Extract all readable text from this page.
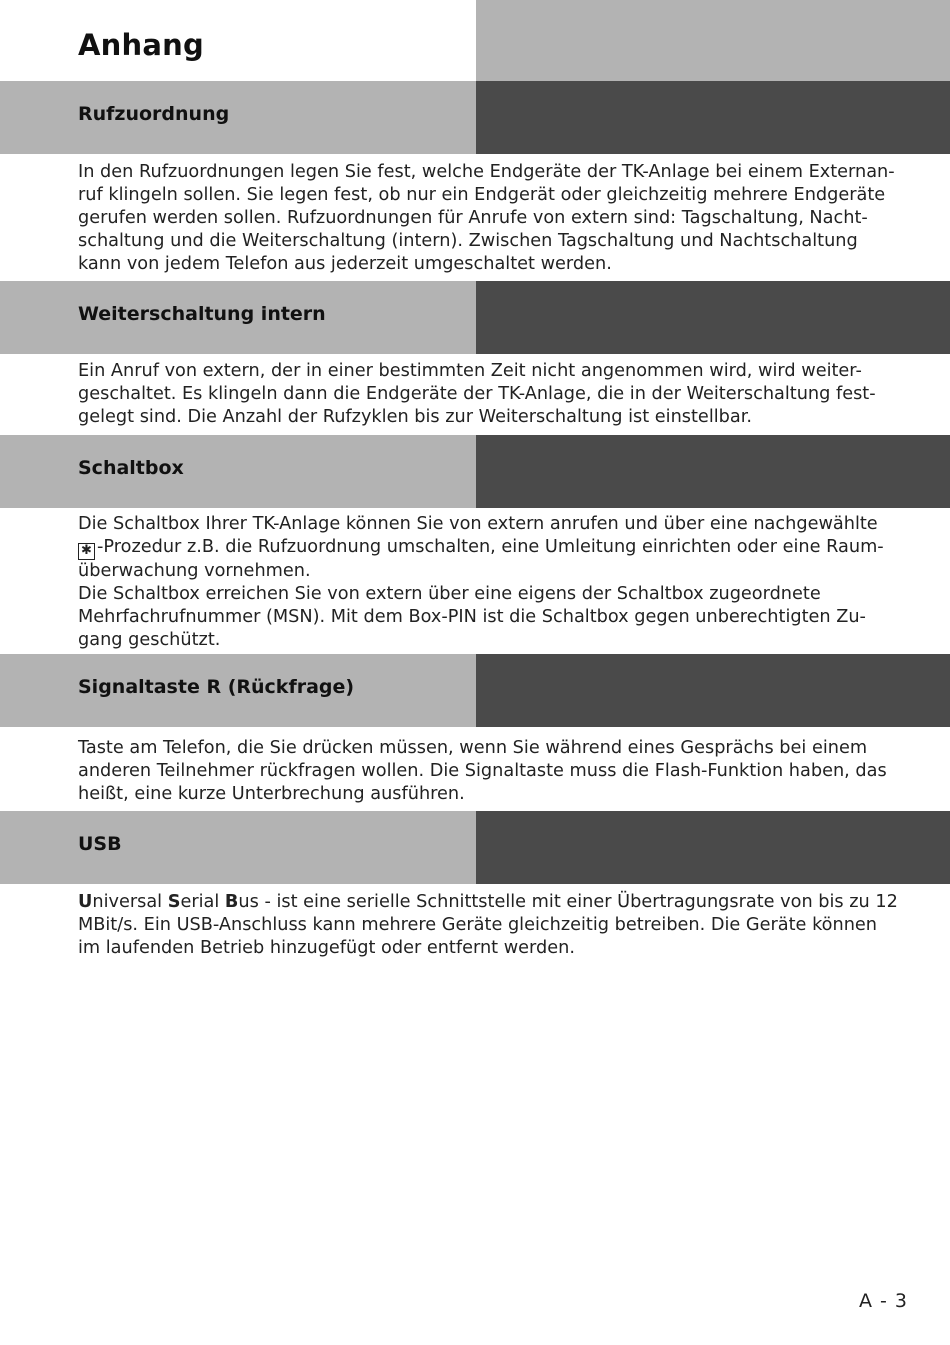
Anhang
Rufzuordnung
In den Rufzuordnungen legen Sie fest, welche Endgeräte der TK-Anlage bei einem Externan-
ruf klingeln sollen. Sie legen fest, ob nur ein Endgerät oder gleichzeitig mehrere Endgeräte
gerufen werden sollen. Rufzuordnungen für Anrufe von extern sind: Tagschaltung, Nacht-
schaltung und die Weiterschaltung (intern). Zwischen Tagschaltung und Nachtschaltung
kann von jedem Telefon aus jederzeit umgeschaltet werden.
Weiterschaltung intern
Ein Anruf von extern, der in einer bestimmten Zeit nicht angenommen wird, wird weiter-
geschaltet. Es klingeln dann die Endgeräte der TK-Anlage, die in der Weiterschaltung fest-
gelegt sind. Die Anzahl der Rufzyklen bis zur Weiterschaltung ist einstellbar.
Schaltbox
Die Schaltbox Ihrer TK-Anlage können Sie von extern anrufen und über eine nachgewählte
✱ -Prozedur z.B. die Rufzuordnung umschalten, eine Umleitung einrichten oder eine Raum-
überwachung vornehmen.
Die Schaltbox erreichen Sie von extern über eine eigens der Schaltbox zugeordnete
Mehrfachrufnummer (MSN). Mit dem Box-PIN ist die Schaltbox gegen unberechtigten Zu-
gang geschützt.
Signaltaste R (Rückfrage)
Taste am Telefon, die Sie drücken müssen, wenn Sie während eines Gesprächs bei einem
anderen Teilnehmer rückfragen wollen. Die Signaltaste muss die Flash-Funktion haben, das
heißt, eine kurze Unterbrechung ausführen.
USB
Universal Serial Bus - ist eine serielle Schnittstelle mit einer Übertragungsrate von bis zu 12
MBit/s. Ein USB-Anschluss kann mehrere Geräte gleichzeitig betreiben. Die Geräte können
im laufenden Betrieb hinzugefügt oder entfernt werden.
A - 3
